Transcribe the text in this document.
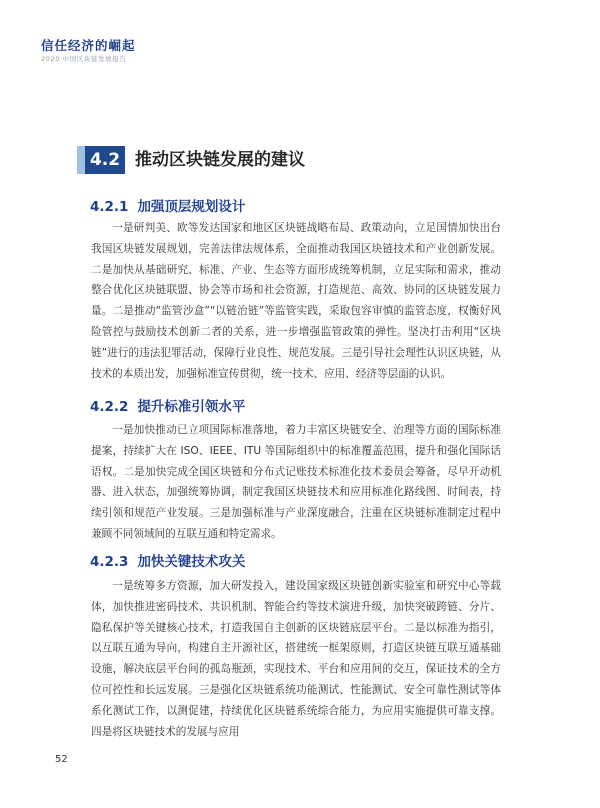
信任经济的崛起
2020 中国区块链发展报告
4.2 推动区块链发展的建议
4.2.1 加强顶层规划设计

一是研判美、欧等发达国家和地区区块链战略布局、政策动向，立足国情加快出台我国区块链发展规划，完善法律法规体系，全面推动我国区块链技术和产业创新发展。二是加快从基础研究、标准、产业、生态等方面形成统筹机制，立足实际和需求，推动整合优化区块链联盟、协会等市场和社会资源，打造规范、高效、协同的区块链发展力量。二是推动“监管沙盒”“以链治链”等监管实践，采取包容审慎的监管态度，权衡好风险管控与鼓励技术创新二者的关系，进一步增强监管政策的弹性。坚决打击利用“区块链”进行的违法犯罪活动，保障行业良性、规范发展。三是引导社会理性认识区块链，从技术的本质出发，加强标准宣传贯彻，统一技术、应用、经济等层面的认识。

4.2.2 提升标准引领水平

一是加快推动已立项国际标准落地，着力丰富区块链安全、治理等方面的国际标准提案，持续扩大在 ISO、IEEE、ITU 等国际组织中的标准覆盖范围，提升和强化国际话语权。二是加快完成全国区块链和分布式记账技术标准化技术委员会筹备，尽早开动机器、进入状态，加强统筹协调，制定我国区块链技术和应用标准化路线图、时间表，持续引领和规范产业发展。三是加强标准与产业深度融合，注重在区块链标准制定过程中兼顾不同领域间的互联互通和特定需求。

4.2.3 加快关键技术攻关

一是统筹多方资源，加大研发投入，建设国家级区块链创新实验室和研究中心等载体，加快推进密码技术、共识机制、智能合约等技术演进升级，加快突破跨链、分片、隐私保护等关键核心技术，打造我国自主创新的区块链底层平台。二是以标准为指引，以互联互通为导向，构建自主开源社区，搭建统一框架原则，打造区块链互联互通基础设施，解决底层平台间的孤岛瓶颈，实现技术、平台和应用间的交互，保证技术的全方位可控性和长远发展。三是强化区块链系统功能测试、性能测试、安全可靠性测试等体系化测试工作，以测促建，持续优化区块链系统综合能力，为应用实施提供可靠支撑。四是将区块链技术的发展与应用

52
